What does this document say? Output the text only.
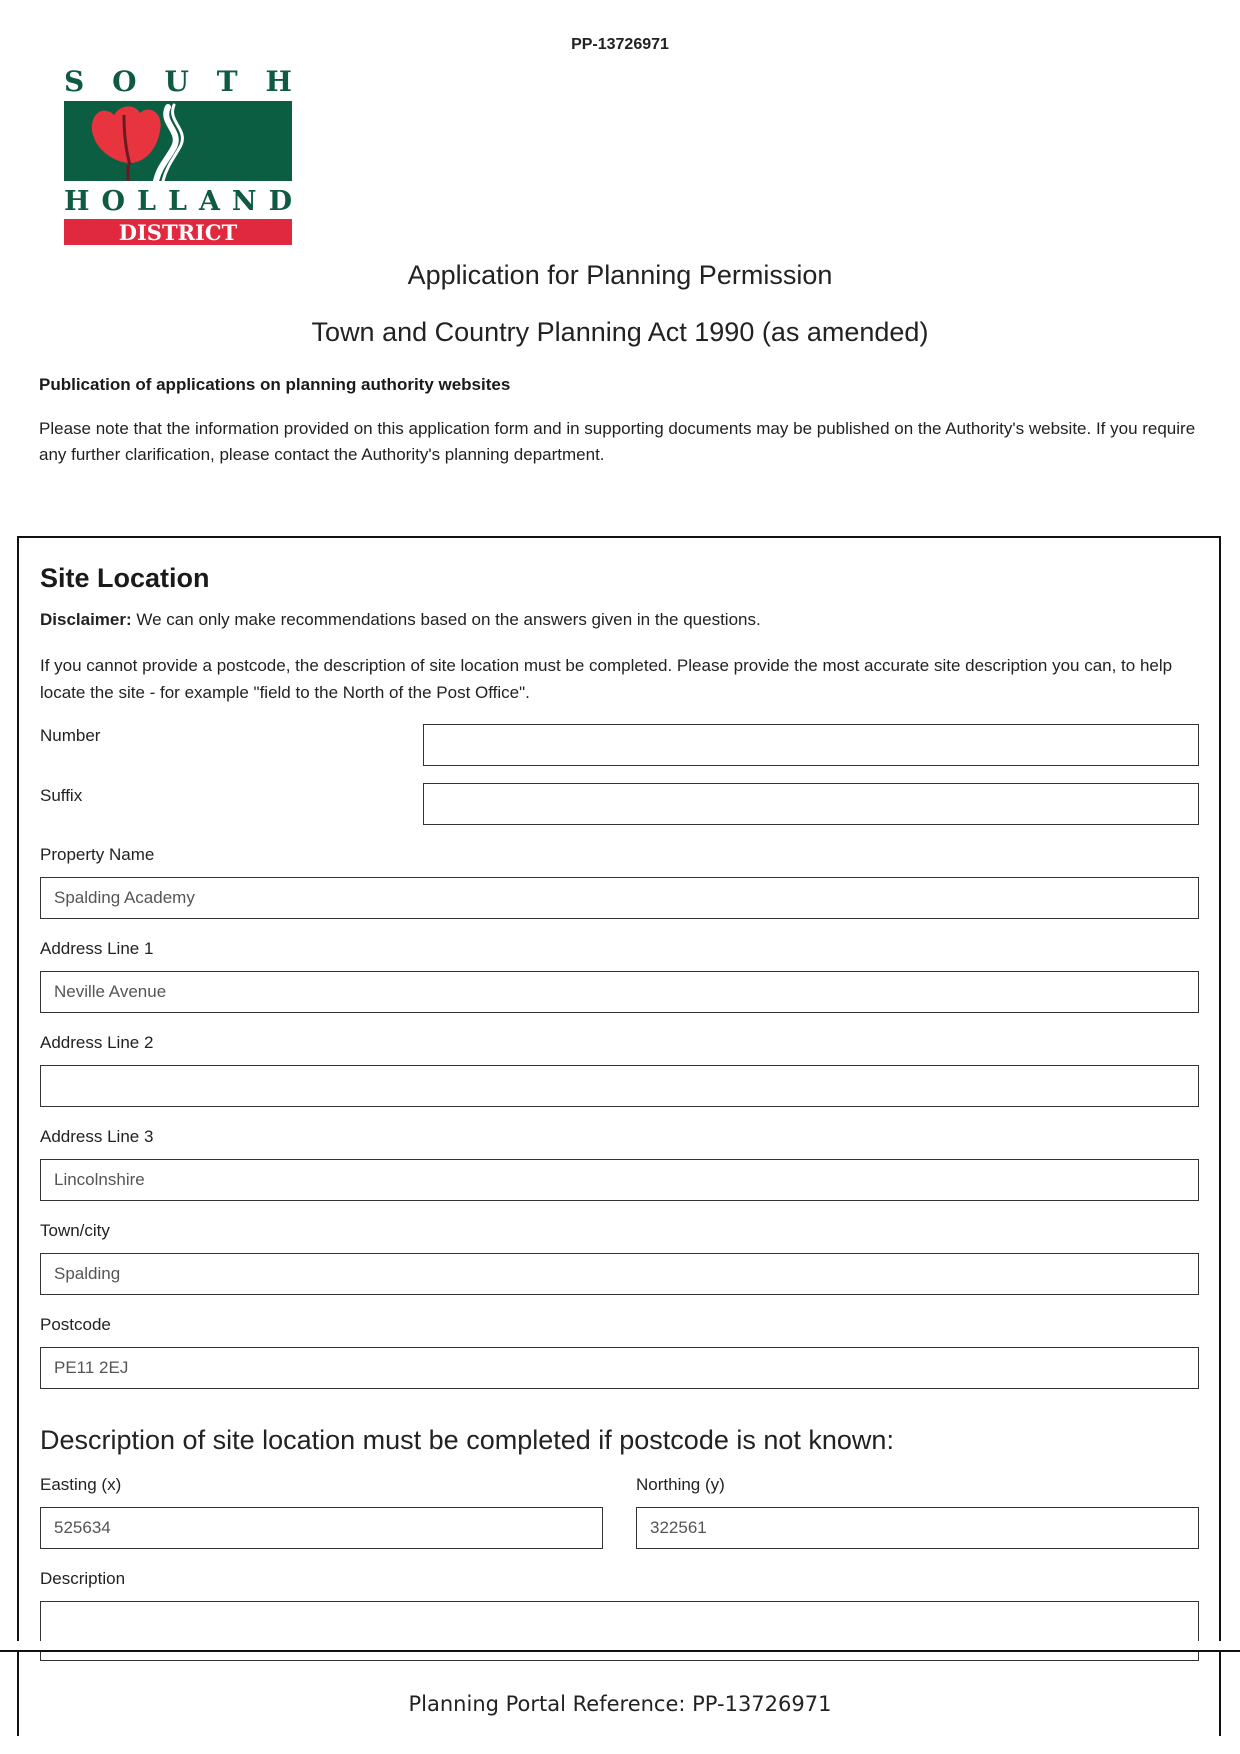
PP-13726971
S O U T H
H O L L A N D
DISTRICT COUNCIL
Application for Planning Permission
Town and Country Planning Act 1990 (as amended)
Publication of applications on planning authority websites
Please note that the information provided on this application form and in supporting documents may be published on the Authority's website. If you require any further clarification, please contact the Authority's planning department.
Site Location
Disclaimer: We can only make recommendations based on the answers given in the questions.
If you cannot provide a postcode, the description of site location must be completed. Please provide the most accurate site description you can, to help locate the site - for example "field to the North of the Post Office".
Number
Suffix
Property Name
Spalding Academy
Address Line 1
Neville Avenue
Address Line 2
Address Line 3
Lincolnshire
Town/city
Spalding
Postcode
PE11 2EJ
Description of site location must be completed if postcode is not known:
Easting (x)
525634	Northing (y)
322561
Description
Planning Portal Reference: PP-13726971
